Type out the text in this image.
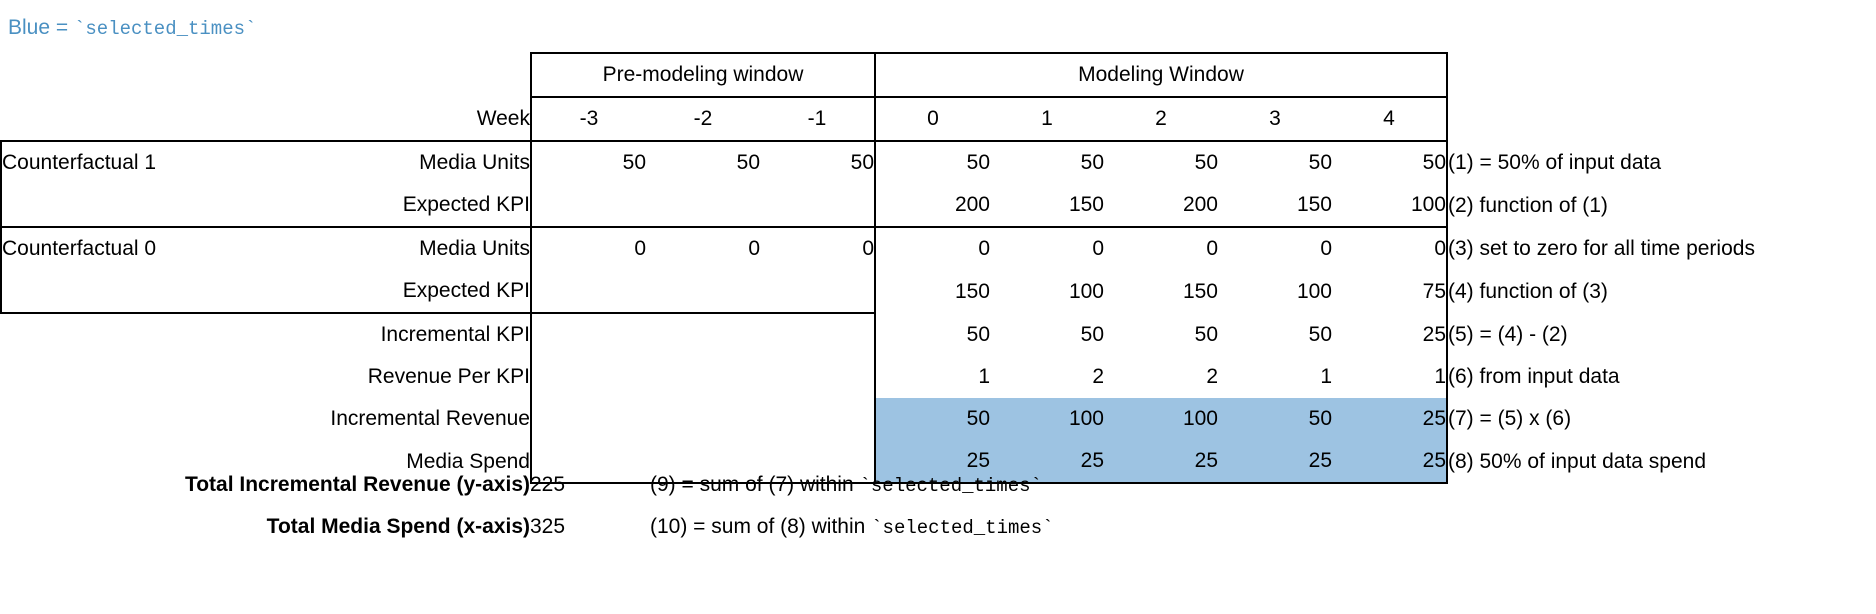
Blue = `selected_times`
		Pre-modeling window			Modeling Window					
	Week	-3	-2	-1	0	1	2	3	4	
Counterfactual 1	Media Units	50	50	50	50	50	50	50	50	(1) = 50% of input data
	Expected KPI				200	150	200	150	100	(2) function of (1)
Counterfactual 0	Media Units	0	0	0	0	0	0	0	0	(3) set to zero for all time periods
	Expected KPI				150	100	150	100	75	(4) function of (3)
	Incremental KPI				50	50	50	50	25	(5) = (4) - (2)
	Revenue Per KPI				1	2	2	1	1	(6) from input data
	Incremental Revenue				50	100	100	50	25	(7) = (5) x (6)
	Media Spend				25	25	25	25	25	(8) 50% of input data spend
Total Incremental Revenue (y-axis)	225	(9) = sum of (7) within `selected_times`
Total Media Spend (x-axis)	325	(10) = sum of (8) within `selected_times`
